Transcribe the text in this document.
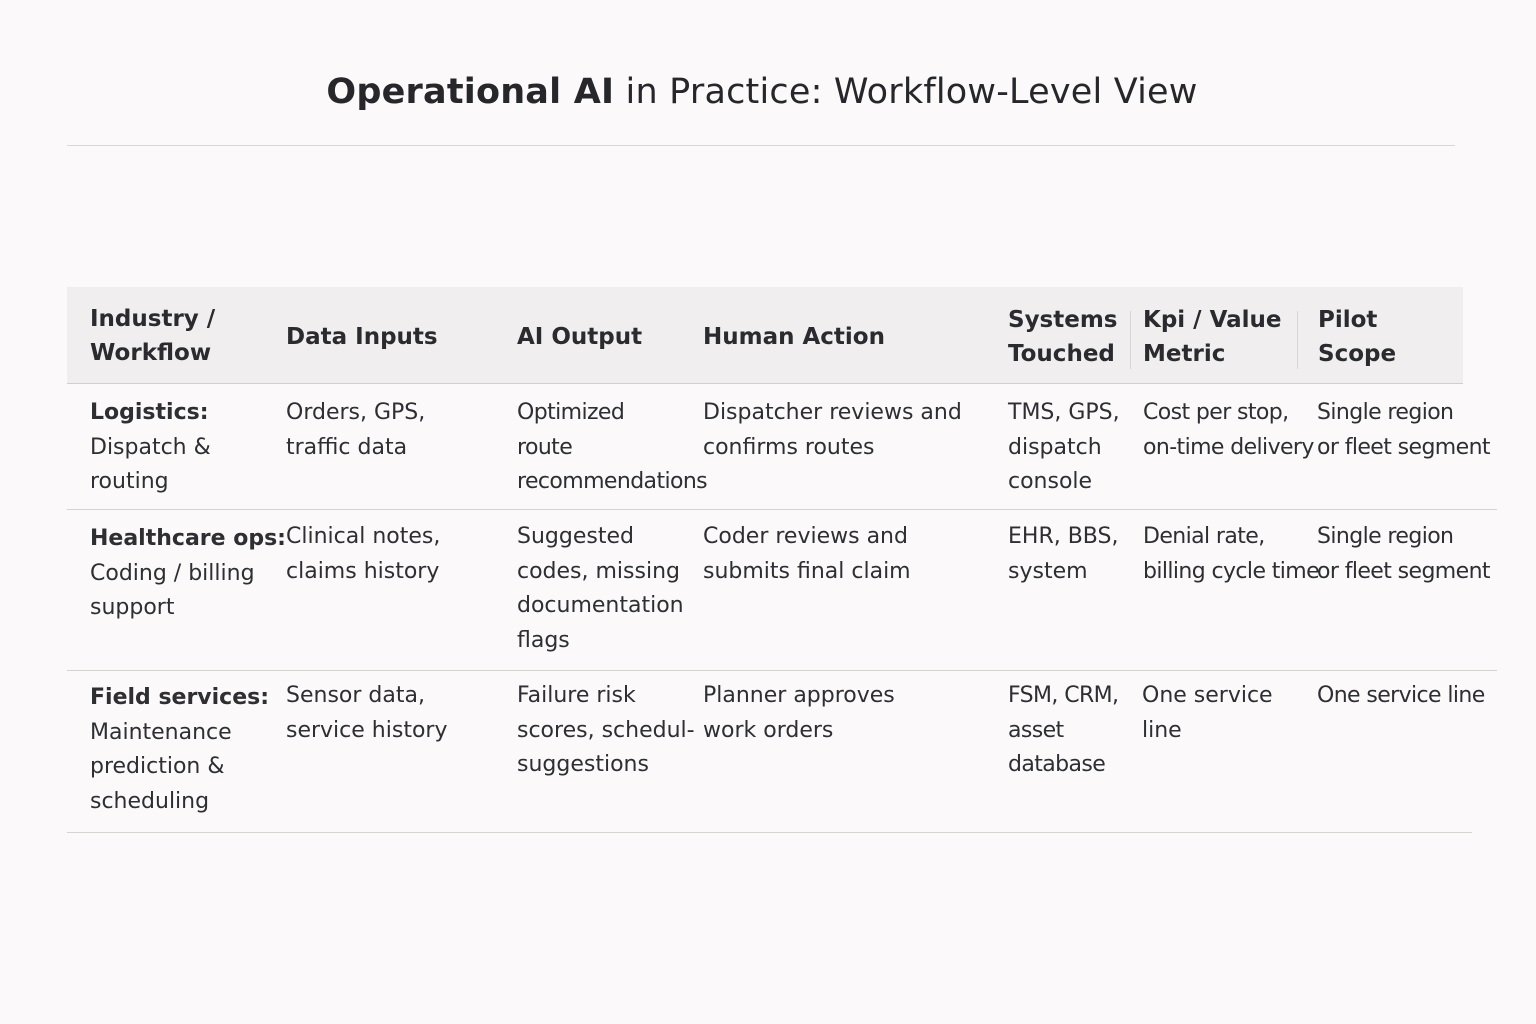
Operational AI in Practice: Workflow-Level View
Industry /
Workflow
Data Inputs	AI Output	Human Action
Systems
Touched
Kpi / Value
Metric
Pilot
Scope
Logistics:
Dispatch &
routing
Orders, GPS,
traffic data
Optimized
route
recommendations
Dispatcher reviews and
confirms routes
TMS, GPS,
dispatch
console
Cost per stop,
on-time delivery
Single region
or fleet segment
Healthcare ops:
Coding / billing
support
Clinical notes,
claims history
Suggested
codes, missing
documentation
flags
Coder reviews and
submits final claim
EHR, BBS,
system
Denial rate,
billing cycle time
Single region
or fleet segment
Field services:
Maintenance
prediction &
scheduling
Sensor data,
service history
Failure risk
scores, schedul-
suggestions
Planner approves
work orders
FSM, CRM,
asset
database
One service
line
One service line
